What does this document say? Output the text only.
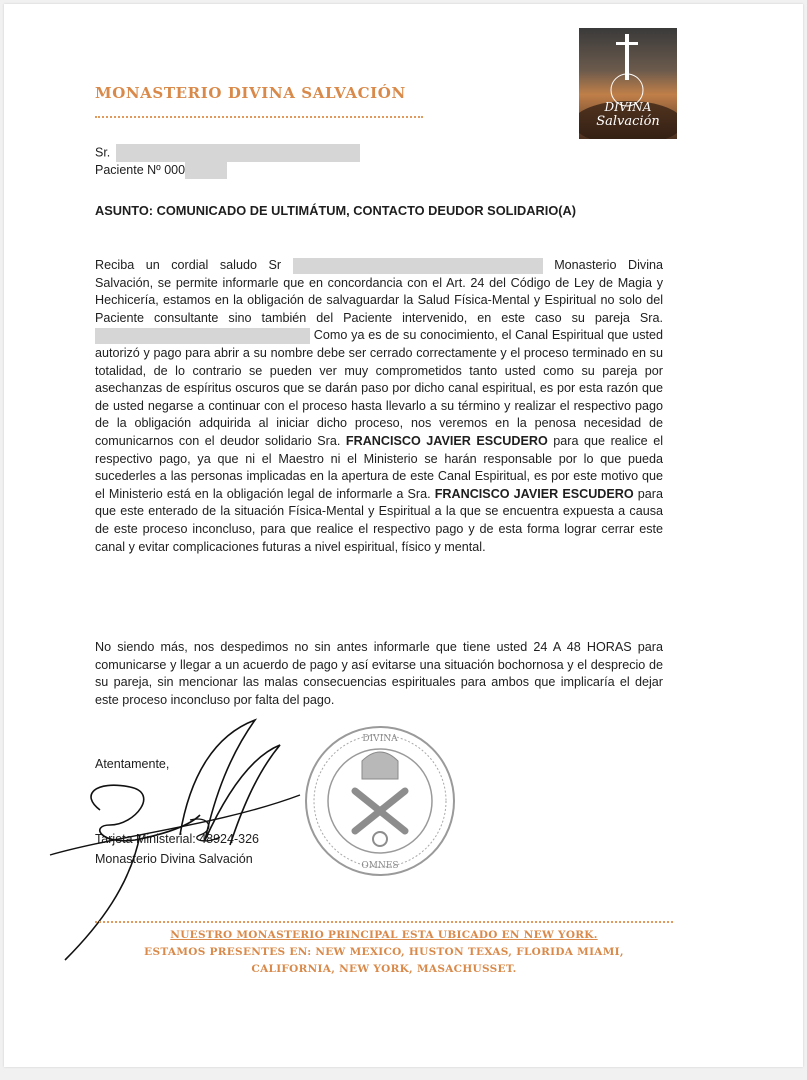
MONASTERIO DIVINA SALVACIÓN
DIVINA
Salvación
Sr.
Paciente Nº 000
ASUNTO: COMUNICADO DE ULTIMÁTUM, CONTACTO DEUDOR SOLIDARIO(A)

Reciba un cordial saludo Sr	Monasterio Divina Salvación, se permite informarle que en concordancia con el Art. 24 del Código de Ley de Magia y Hechicería, estamos en la obligación de salvaguardar la Salud Física-Mental y Espiritual no solo del Paciente consultante sino también del Paciente intervenido, en este caso su pareja Sra.  Como ya es de su conocimiento, el Canal Espiritual que usted autorizó y pago para abrir a su nombre debe ser cerrado correctamente y el proceso terminado en su totalidad, de lo contrario se pueden ver muy comprometidos tanto usted como su pareja por asechanzas de espíritus oscuros que se darán paso por dicho canal espiritual, es por esta razón que de usted negarse a continuar con el proceso hasta llevarlo a su término y realizar el respectivo pago de la obligación adquirida al iniciar dicho proceso, nos veremos en la penosa necesidad de comunicarnos con el deudor solidario Sra. FRANCISCO JAVIER ESCUDERO para que realice el respectivo pago, ya que ni el Maestro ni el Ministerio se harán responsable por lo que pueda sucederles a las personas implicadas en la apertura de este Canal Espiritual, es por este motivo que el Ministerio está en la obligación legal de informarle a Sra. FRANCISCO JAVIER ESCUDERO para que este enterado de la situación Física-Mental y Espiritual a la que se encuentra expuesta a causa de este proceso inconcluso, para que realice el respectivo pago y de esta forma lograr cerrar este canal y evitar complicaciones futuras a nivel espiritual, físico y mental.

No siendo más, nos despedimos no sin antes informarle que tiene usted 24 A 48 HORAS para comunicarse y llegar a un acuerdo de pago y así evitarse una situación bochornosa y el desprecio de su pareja, sin mencionar las malas consecuencias espirituales para ambos que implicaría el dejar este proceso inconcluso por falta del pago.
Atentamente,
Tarjeta Ministerial: 48924-326
Monasterio Divina Salvación
DIVINA
OMNES
NUESTRO MONASTERIO PRINCIPAL ESTA UBICADO EN NEW YORK.
ESTAMOS PRESENTES EN: NEW MEXICO, HUSTON TEXAS, FLORIDA MIAMI,
CALIFORNIA, NEW YORK, MASACHUSSET.
